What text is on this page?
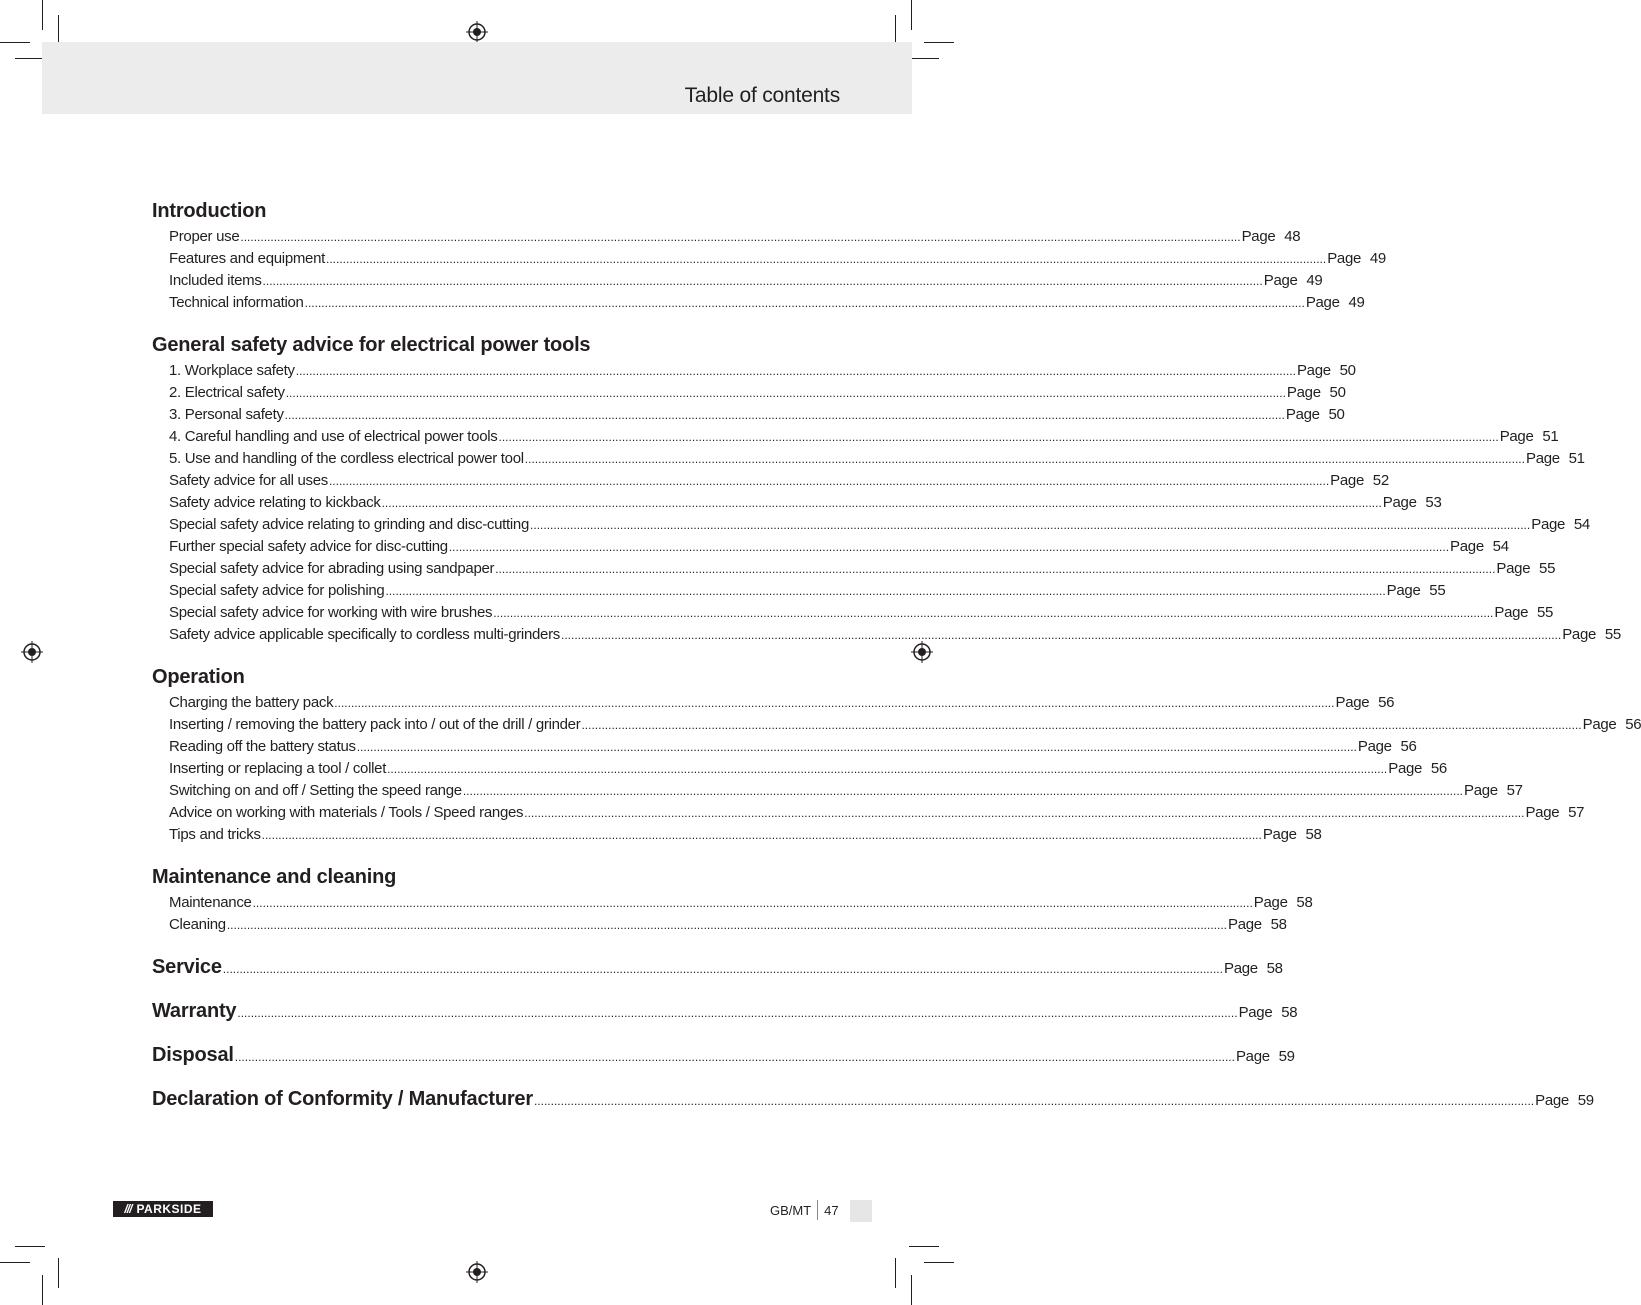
Table of contents
Introduction
Proper use ............................................................................................................................................................................................................................................................................................................ Page 48
Features and equipment ............................................................................................................................................................................................................................................................................................................ Page 49
Included items ............................................................................................................................................................................................................................................................................................................ Page 49
Technical information ............................................................................................................................................................................................................................................................................................................ Page 49
General safety advice for electrical power tools
1. Workplace safety ............................................................................................................................................................................................................................................................................................................ Page 50
2. Electrical safety ............................................................................................................................................................................................................................................................................................................ Page 50
3. Personal safety ............................................................................................................................................................................................................................................................................................................ Page 50
4. Careful handling and use of electrical power tools ............................................................................................................................................................................................................................................................................................................ Page 51
5. Use and handling of the cordless electrical power tool ............................................................................................................................................................................................................................................................................................................ Page 51
Safety advice for all uses ............................................................................................................................................................................................................................................................................................................ Page 52
Safety advice relating to kickback ............................................................................................................................................................................................................................................................................................................ Page 53
Special safety advice relating to grinding and disc-cutting ............................................................................................................................................................................................................................................................................................................ Page 54
Further special safety advice for disc-cutting ............................................................................................................................................................................................................................................................................................................ Page 54
Special safety advice for abrading using sandpaper ............................................................................................................................................................................................................................................................................................................ Page 55
Special safety advice for polishing ............................................................................................................................................................................................................................................................................................................ Page 55
Special safety advice for working with wire brushes ............................................................................................................................................................................................................................................................................................................ Page 55
Safety advice applicable specifically to cordless multi-grinders ............................................................................................................................................................................................................................................................................................................ Page 55
Operation
Charging the battery pack ............................................................................................................................................................................................................................................................................................................ Page 56
Inserting / removing the battery pack into / out of the drill / grinder ............................................................................................................................................................................................................................................................................................................ Page 56
Reading off the battery status ............................................................................................................................................................................................................................................................................................................ Page 56
Inserting or replacing a tool / collet ............................................................................................................................................................................................................................................................................................................ Page 56
Switching on and off / Setting the speed range ............................................................................................................................................................................................................................................................................................................ Page 57
Advice on working with materials / Tools / Speed ranges ............................................................................................................................................................................................................................................................................................................ Page 57
Tips and tricks ............................................................................................................................................................................................................................................................................................................ Page 58
Maintenance and cleaning
Maintenance ............................................................................................................................................................................................................................................................................................................ Page 58
Cleaning ............................................................................................................................................................................................................................................................................................................ Page 58
Service ............................................................................................................................................................................................................................................................................................................ Page 58
Warranty ............................................................................................................................................................................................................................................................................................................ Page 58
Disposal ............................................................................................................................................................................................................................................................................................................ Page 59
Declaration of Conformity / Manufacturer ............................................................................................................................................................................................................................................................................................................ Page 59
/// PARKSIDE	GB/MT 47
